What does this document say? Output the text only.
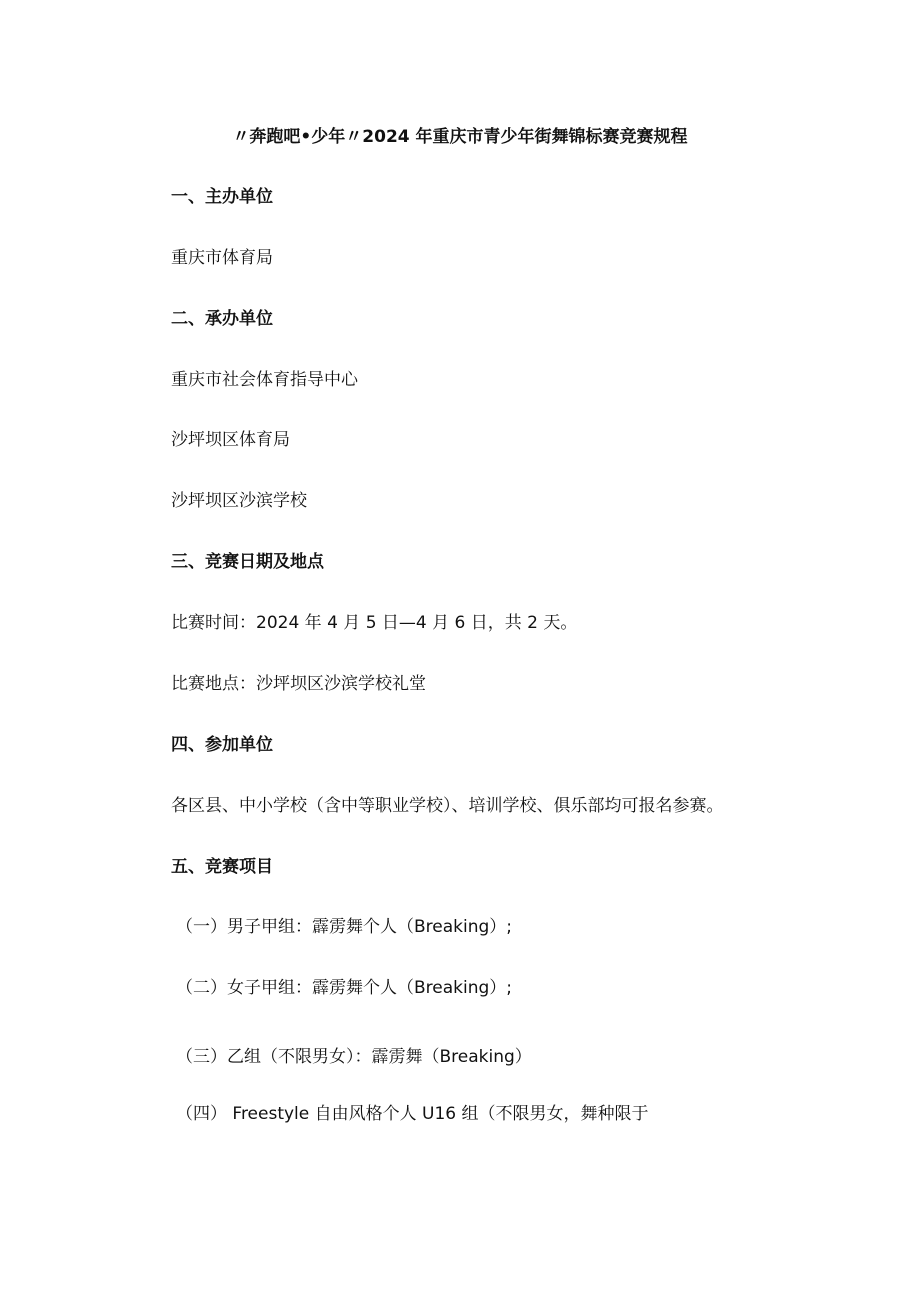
〃奔跑吧•少年〃2024 年重庆市青少年街舞锦标赛竞赛规程
一、主办单位
重庆市体育局
二、承办单位
重庆市社会体育指导中心
沙坪坝区体育局
沙坪坝区沙滨学校
三、竞赛日期及地点
比赛时间：2024 年 4 月 5 日—4 月 6 日，共 2 天。
比赛地点：沙坪坝区沙滨学校礼堂
四、参加单位
各区县、中小学校（含中等职业学校）、培训学校、俱乐部均可报名参赛。
五、竞赛项目
（一）男子甲组：霹雳舞个人（Breaking）;
（二）女子甲组：霹雳舞个人（Breaking）;
（三）乙组（不限男女）：霹雳舞（Breaking）
（四） Freestyle 自由风格个人 U16 组（不限男女，舞种限于
